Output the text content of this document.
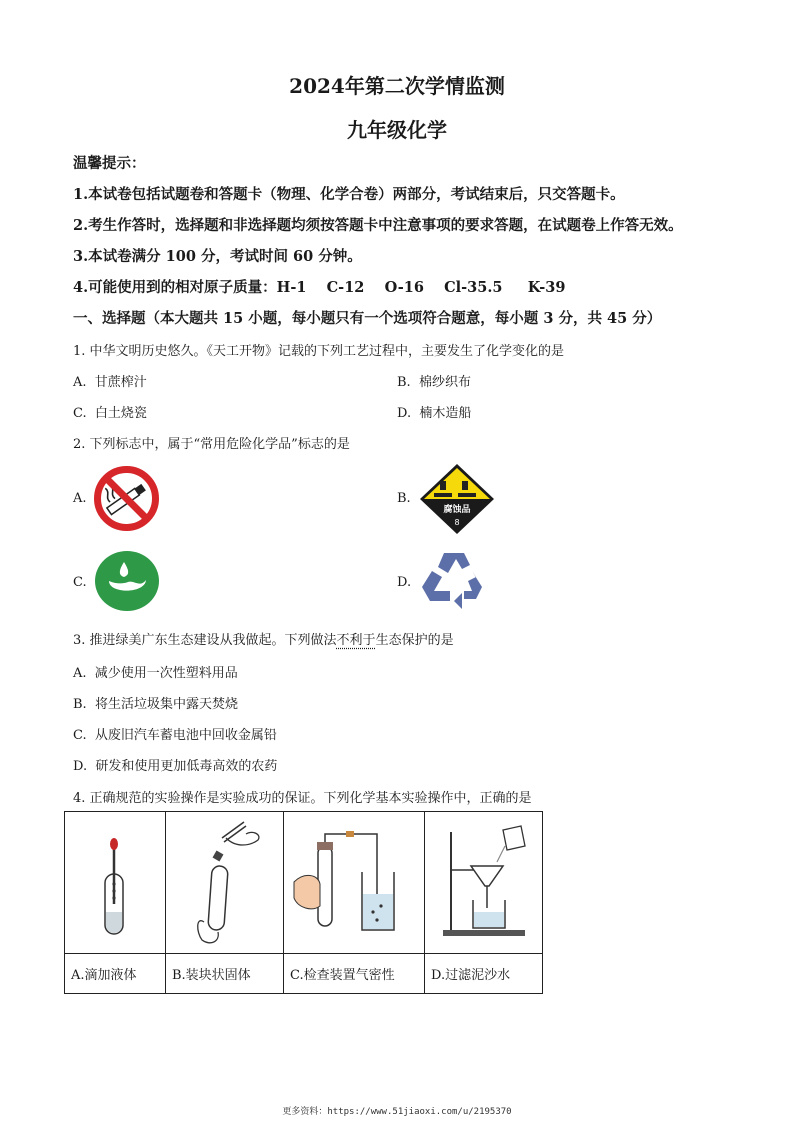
2024年第二次学情监测
九年级化学
温馨提示：
1.本试卷包括试题卷和答题卡（物理、化学合卷）两部分，考试结束后，只交答题卡。
2.考生作答时，选择题和非选择题均须按答题卡中注意事项的要求答题，在试题卷上作答无效。
3.本试卷满分 100 分，考试时间 60 分钟。
4.可能使用到的相对原子质量：H-1    C-12    O-16    Cl-35.5     K-39
一、选择题（本大题共 15 小题，每小题只有一个选项符合题意，每小题 3 分，共 45 分）
1. 中华文明历史悠久。《天工开物》记载的下列工艺过程中，主要发生了化学变化的是
A.  甘蔗榨汁	B.  棉纱织布
C.  白土烧瓷	D.  楠木造船
2. 下列标志中，属于“常用危险化学品”标志的是
A.	B.
腐蚀品
8
C.	D.
3. 推进绿美广东生态建设从我做起。下列做法不利于生态保护的是
A.  减少使用一次性塑料用品
B.  将生活垃圾集中露天焚烧
C.  从废旧汽车蓄电池中回收金属铅
D.  研发和使用更加低毒高效的农药
4. 正确规范的实验操作是实验成功的保证。下列化学基本实验操作中，正确的是

A.滴加液体	B.装块状固体	C.检查装置气密性	D.过滤泥沙水
更多资料：https://www.51jiaoxi.com/u/2195370
